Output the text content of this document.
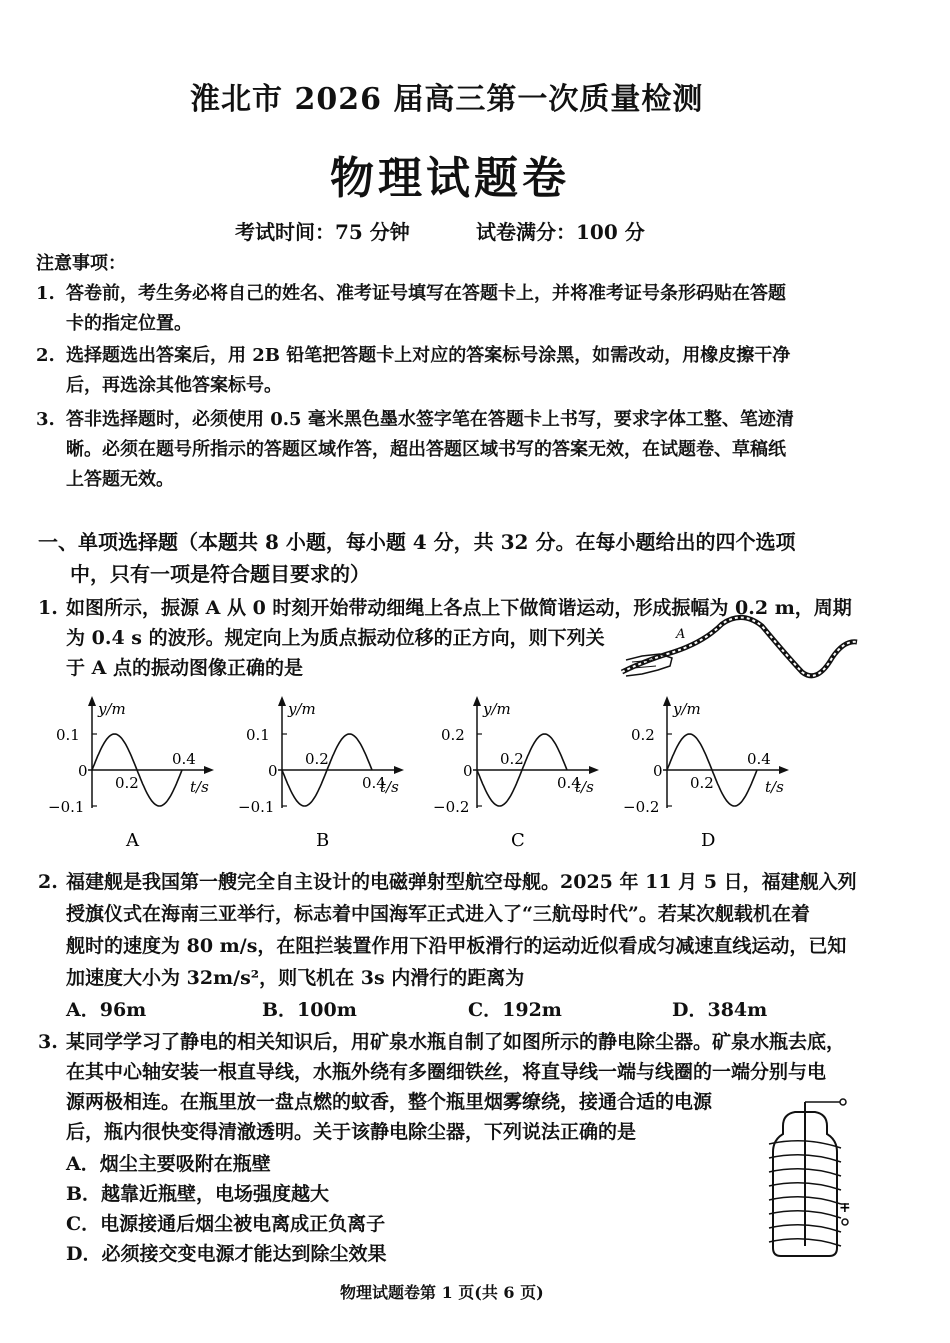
淮北市 2026 届高三第一次质量检测
物理试题卷
考试时间：75 分钟	试卷满分：100 分
注意事项：
1. 答卷前，考生务必将自己的姓名、准考证号填写在答题卡上，并将准考证号条形码贴在答题
卡的指定位置。
2. 选择题选出答案后，用 2B 铅笔把答题卡上对应的答案标号涂黑，如需改动，用橡皮擦干净
后，再选涂其他答案标号。
3. 答非选择题时，必须使用 0.5 毫米黑色墨水签字笔在答题卡上书写，要求字体工整、笔迹清
晰。必须在题号所指示的答题区域作答，超出答题区域书写的答案无效，在试题卷、草稿纸
上答题无效。
一、单项选择题（本题共 8 小题，每小题 4 分，共 32 分。在每小题给出的四个选项
中，只有一项是符合题目要求的）
1. 如图所示，振源 A 从 0 时刻开始带动细绳上各点上下做简谐运动，形成振幅为 0.2 m，周期
为 0.4 s 的波形。规定向上为质点振动位移的正方向，则下列关
于 A 点的振动图像正确的是
A
y/m
t/s
0.1
−0.1
0
0.2
0.4
A
y/m
t/s
0.1
−0.1
0
0.2
0.4
B
y/m
t/s
0.2
−0.2
0
0.2
0.4
C
y/m
t/s
0.2
−0.2
0
0.2
0.4
D
2. 福建舰是我国第一艘完全自主设计的电磁弹射型航空母舰。2025 年 11 月 5 日，福建舰入列
授旗仪式在海南三亚举行，标志着中国海军正式进入了“三航母时代”。若某次舰载机在着
舰时的速度为 80 m/s，在阻拦装置作用下沿甲板滑行的运动近似看成匀减速直线运动，已知
加速度大小为 32m/s²，则飞机在 3s 内滑行的距离为
A．96m	B．100m	C．192m	D．384m
3. 某同学学习了静电的相关知识后，用矿泉水瓶自制了如图所示的静电除尘器。矿泉水瓶去底，
在其中心轴安装一根直导线，水瓶外绕有多圈细铁丝，将直导线一端与线圈的一端分别与电
源两极相连。在瓶里放一盘点燃的蚊香，整个瓶里烟雾缭绕，接通合适的电源
后，瓶内很快变得清澈透明。关于该静电除尘器，下列说法正确的是
A．烟尘主要吸附在瓶壁
B．越靠近瓶壁，电场强度越大
C．电源接通后烟尘被电离成正负离子
D．必须接交变电源才能达到除尘效果
+
物理试题卷第 1 页(共 6 页)
